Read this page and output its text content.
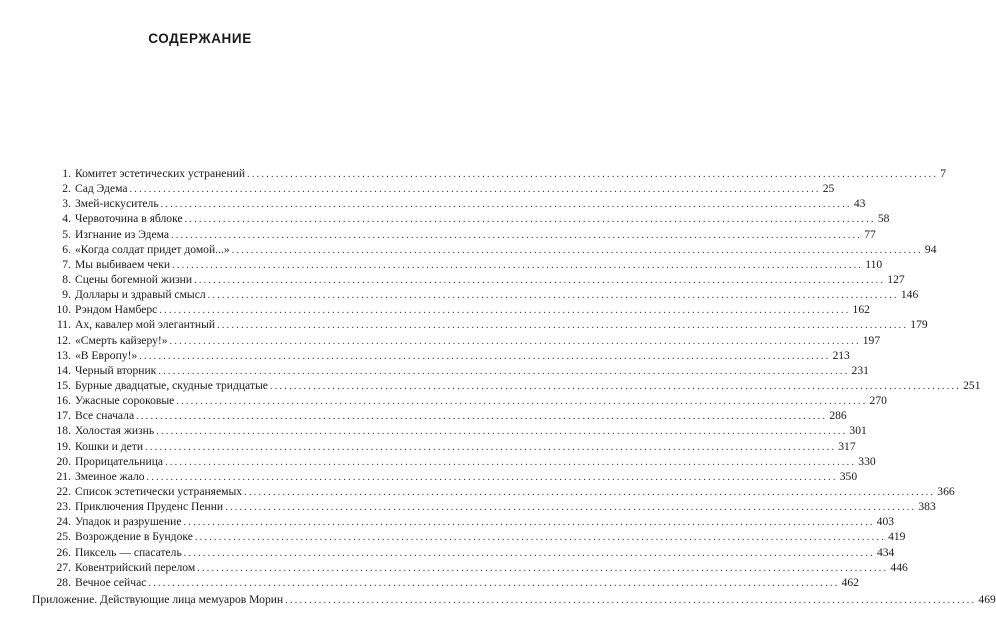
СОДЕРЖАНИЕ
1. Комитет эстетических устранений .....	7
2. Сад Эдема .....	25
3. Змей-искуситель .....	43
4. Червоточина в яблоке .....	58
5. Изгнание из Эдема .....	77
6. «Когда солдат придет домой...» .....	94
7. Мы выбиваем чеки .....	110
8. Сцены богемной жизни .....	127
9. Доллары и здравый смысл .....	146
10. Рэндом Намберс .....	162
11. Ах, кавалер мой элегантный .....	179
12. «Смерть кайзеру!» .....	197
13. «В Европу!» .....	213
14. Черный вторник .....	231
15. Бурные двадцатые, скудные тридцатые .....	251
16. Ужасные сороковые .....	270
17. Все сначала .....	286
18. Холостая жизнь .....	301
19. Кошки и дети .....	317
20. Прорицательница .....	330
21. Змеиное жало .....	350
22. Список эстетически устраняемых .....	366
23. Приключения Пруденс Пенни .....	383
24. Упадок и разрушение .....	403
25. Возрождение в Бундоке .....	419
26. Пиксель — спасатель .....	434
27. Ковентрийский перелом .....	446
28. Вечное сейчас .....	462
Приложение. Действующие лица мемуаров Морин .....	469
